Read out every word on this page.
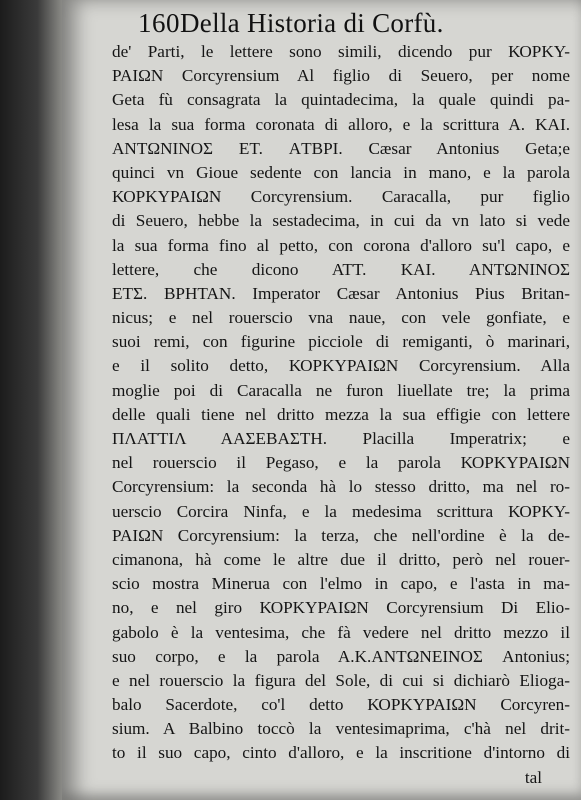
160 Della Historia di Corfù.
de' Parti, le lettere sono simili, dicendo pur ΚΟΡΚΥ-
ΡΑΙΩΝ Corcyrensium Al figlio di Seuero, per nome
Geta fù consagrata la quintadecima, la quale quindi pa-
lesa la sua forma coronata di alloro, e la scrittura A. KAI.
ANTΩNINOΣ EΤ. AΤBΡΙ. Cæsar Antonius Geta;e
quinci vn Gioue sedente con lancia in mano, e la parola
ΚΟΡΚΥΡΑΙΩΝ Corcyrensium. Caracalla, pur figlio
di Seuero, hebbe la sestadecima, in cui da vn lato si vede
la sua forma fino al petto, con corona d'alloro su'l capo, e
lettere, che dicono ATT. KAI. ANTΩNINOΣ
EΤΣ. ΒΡΗΤΑΝ. Imperator Cæsar Antonius Pius Britan-
nicus; e nel rouerscio vna naue, con vele gonfiate, e
suoi remi, con figurine picciole di remiganti, ò marinari,
e il solito detto, ΚΟΡΚΥΡΑΙΩΝ Corcyrensium. Alla
moglie poi di Caracalla ne furon liuellate tre; la prima
delle quali tiene nel dritto mezza la sua effigie con lettere
ΠΛΑΤΤΙΛ ΑΑΣΕΒΑΣΤΗ. Placilla Imperatrix; e
nel rouerscio il Pegaso, e la parola ΚΟΡΚΥΡΑΙΩΝ
Corcyrensium: la seconda hà lo stesso dritto, ma nel ro-
uerscio Corcira Ninfa, e la medesima scrittura ΚΟΡΚΥ-
ΡΑΙΩΝ Corcyrensium: la terza, che nell'ordine è la de-
cimanona, hà come le altre due il dritto, però nel rouer-
scio mostra Mineruа con l'elmo in capo, e l'asta in ma-
no, e nel giro ΚΟΡΚΥΡΑΙΩΝ Corcyrensium Di Elio-
gabolo è la ventesima, che fà vedere nel dritto mezzo il
suo corpo, e la parola A.K.ANTΩNEINOΣ Antonius;
e nel rouerscio la figura del Sole, di cui si dichiarò Elioga-
balo Sacerdote, co'l detto ΚΟΡΚΥΡΑΙΩΝ Corcyren-
sium. A Balbino toccò la ventesimaprima, c'hà nel drit-
to il suo capo, cinto d'alloro, e la inscritione d'intorno di
tal
